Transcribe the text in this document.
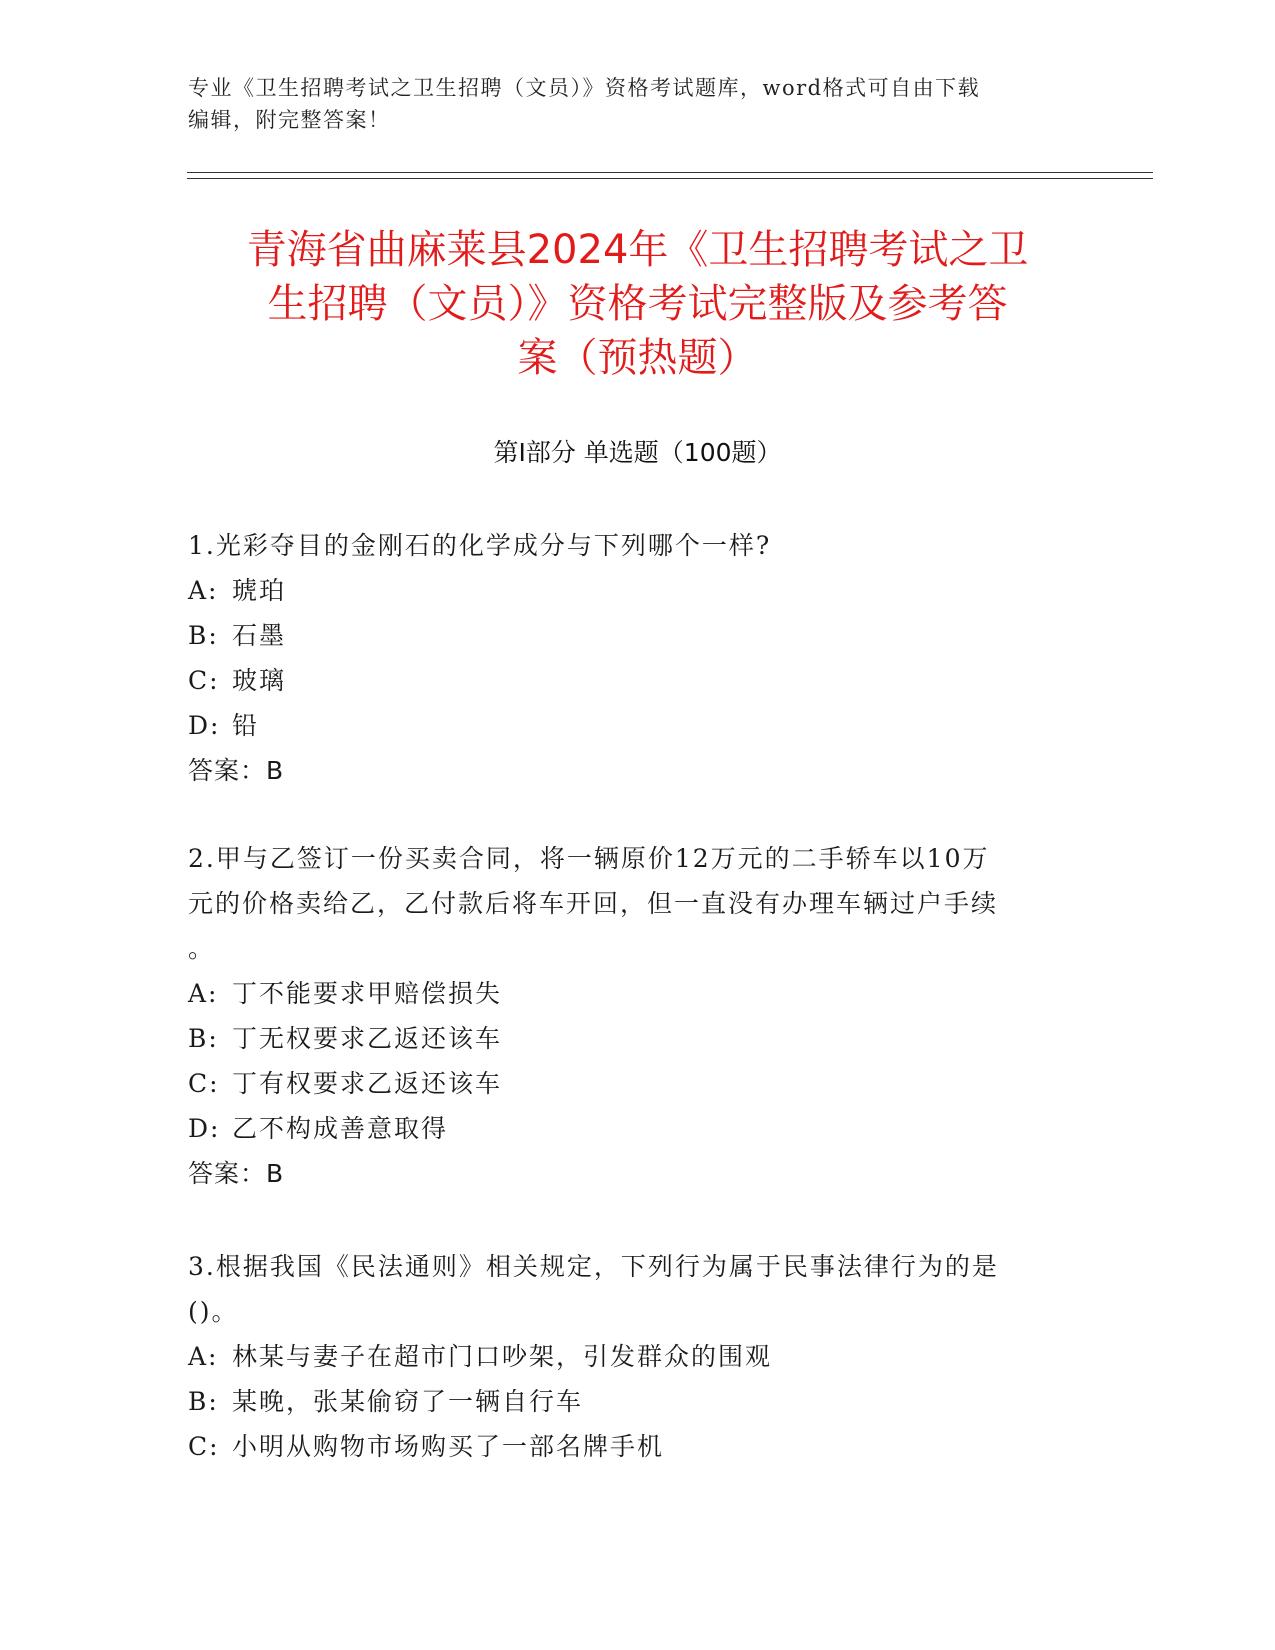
专业《卫生招聘考试之卫生招聘（文员）》资格考试题库，word格式可自由下载
编辑，附完整答案！
青海省曲麻莱县2024年《卫生招聘考试之卫
生招聘（文员）》资格考试完整版及参考答
案（预热题）
第Ⅰ部分 单选题（100题）

1.光彩夺目的金刚石的化学成分与下列哪个一样?

A: 琥珀

B: 石墨

C: 玻璃

D: 铅

答案：B

2.甲与乙签订一份买卖合同，将一辆原价12万元的二手轿车以10万

元的价格卖给乙，乙付款后将车开回，但一直没有办理车辆过户手续

。

A: 丁不能要求甲赔偿损失

B: 丁无权要求乙返还该车

C: 丁有权要求乙返还该车

D: 乙不构成善意取得

答案：B

3.根据我国《民法通则》相关规定，下列行为属于民事法律行为的是

()。

A: 林某与妻子在超市门口吵架，引发群众的围观

B: 某晚，张某偷窃了一辆自行车

C: 小明从购物市场购买了一部名牌手机
